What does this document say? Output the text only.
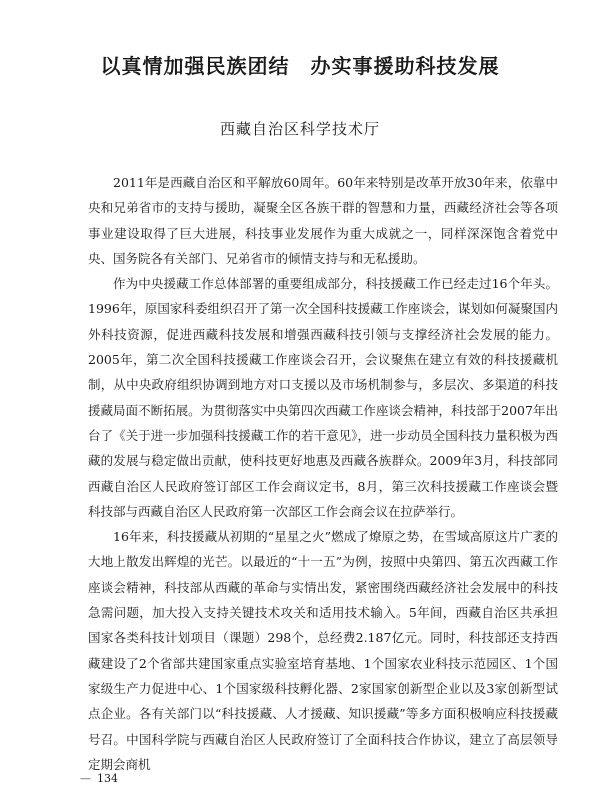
以真情加强民族团结　办实事援助科技发展
西藏自治区科学技术厅

2011年是西藏自治区和平解放60周年。60年来特别是改革开放30年来，依靠中央和兄弟省市的支持与援助，凝聚全区各族干群的智慧和力量，西藏经济社会等各项事业建设取得了巨大进展，科技事业发展作为重大成就之一，同样深深饱含着党中央、国务院各有关部门、兄弟省市的倾情支持与和无私援助。

作为中央援藏工作总体部署的重要组成部分，科技援藏工作已经走过16个年头。1996年，原国家科委组织召开了第一次全国科技援藏工作座谈会，谋划如何凝聚国内外科技资源，促进西藏科技发展和增强西藏科技引领与支撑经济社会发展的能力。2005年，第二次全国科技援藏工作座谈会召开，会议聚焦在建立有效的科技援藏机制，从中央政府组织协调到地方对口支援以及市场机制参与，多层次、多渠道的科技援藏局面不断拓展。为贯彻落实中央第四次西藏工作座谈会精神，科技部于2007年出台了《关于进一步加强科技援藏工作的若干意见》，进一步动员全国科技力量积极为西藏的发展与稳定做出贡献，使科技更好地惠及西藏各族群众。2009年3月，科技部同西藏自治区人民政府签订部区工作会商议定书，8月，第三次科技援藏工作座谈会暨科技部与西藏自治区人民政府第一次部区工作会商会议在拉萨举行。

16年来，科技援藏从初期的“星星之火”燃成了燎原之势，在雪域高原这片广袤的大地上散发出辉煌的光芒。以最近的“十一五”为例，按照中央第四、第五次西藏工作座谈会精神，科技部从西藏的革命与实情出发，紧密围绕西藏经济社会发展中的科技急需问题，加大投入支持关键技术攻关和适用技术输入。5年间，西藏自治区共承担国家各类科技计划项目（课题）298个，总经费2.187亿元。同时，科技部还支持西藏建设了2个省部共建国家重点实验室培育基地、1个国家农业科技示范园区、1个国家级生产力促进中心、1个国家级科技孵化器、2家国家创新型企业以及3家创新型试点企业。各有关部门以“科技援藏、人才援藏、知识援藏”等多方面积极响应科技援藏号召。中国科学院与西藏自治区人民政府签订了全面科技合作协议，建立了高层领导定期会商机

— 134
